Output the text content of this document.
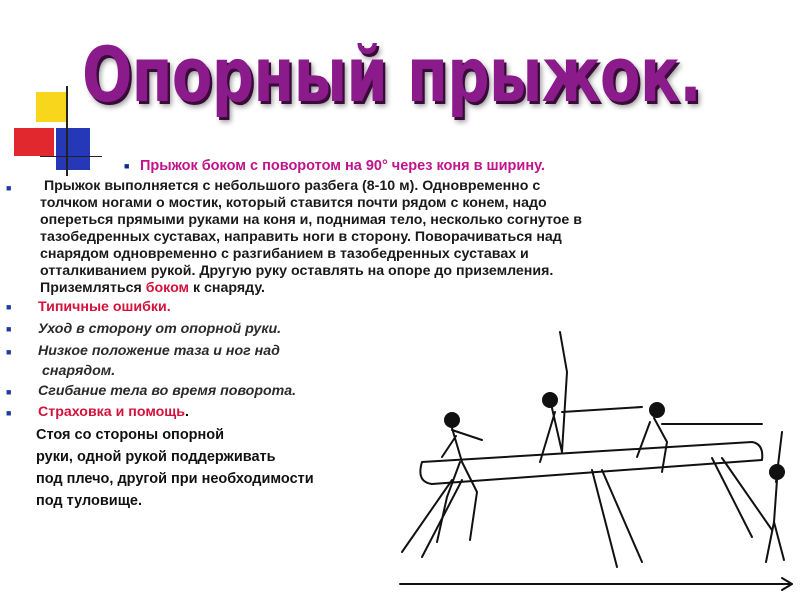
Опорный прыжок.
■ Прыжок боком с поворотом на 90° через коня в ширину.
■ Прыжок выполняется с небольшого разбега (8-10 м). Одновременно с
толчком ногами о мостик, который ставится почти рядом с конем, надо
опереться прямыми руками на коня и, поднимая тело, несколько согнутое в
тазобедренных суставах, направить ноги в сторону. Поворачиваться над
снарядом одновременно с разгибанием в тазобедренных суставах и
отталкиванием рукой. Другую руку оставлять на опоре до приземления.
Приземляться боком к снаряду.
■ Типичные ошибки.
■ Уход в сторону от опорной руки.
■ Низкое положение таза и ног над
снарядом.
■ Сгибание тела во время поворота.
■ Страховка и помощь.
Стоя со стороны опорной
руки, одной рукой поддерживать
под плечо, другой при необходимости
под туловище.
